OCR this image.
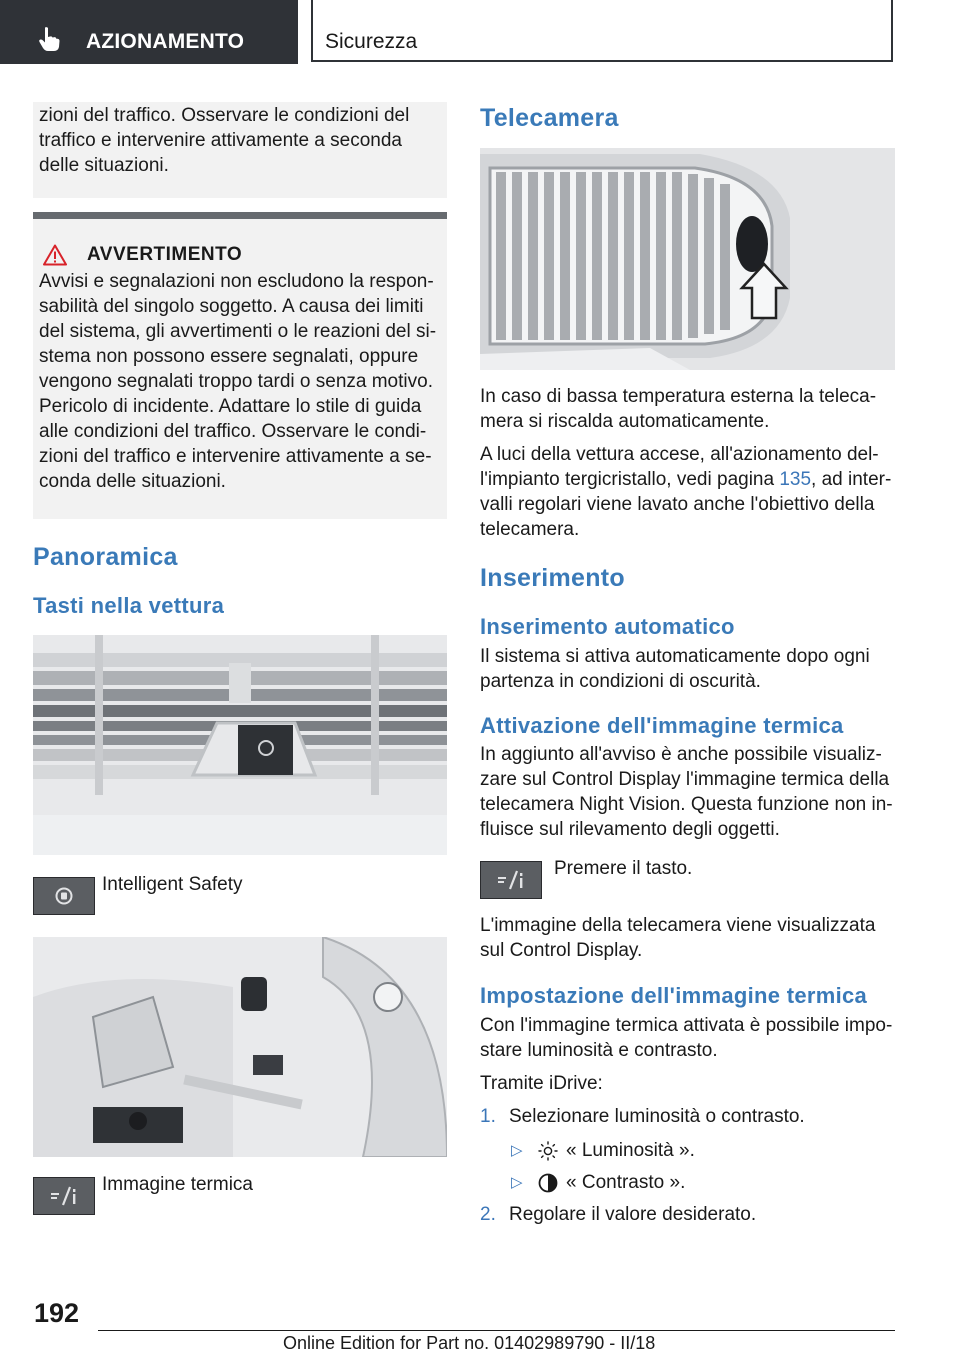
AZIONAMENTO	Sicurezza

zioni del traffico. Osservare le condizioni del traffico e intervenire attivamente a seconda delle situazioni.

AVVERTIMENTO

Avvisi e segnalazioni non escludono la respon- sabilità del singolo soggetto. A causa dei limiti del sistema, gli avvertimenti o le reazioni del si- stema non possono essere segnalati, oppure vengono segnalati troppo tardi o senza motivo. Pericolo di incidente. Adattare lo stile di guida alle condizioni del traffico. Osservare le condi- zioni del traffico e intervenire attivamente a se- conda delle situazioni.

Panoramica
Tasti nella vettura
Intelligent Safety
Immagine termica
Telecamera

In caso di bassa temperatura esterna la teleca- mera si riscalda automaticamente.

A luci della vettura accese, all'azionamento del- l'impianto tergicristallo, vedi pagina 135, ad inter- valli regolari viene lavato anche l'obiettivo della telecamera.

Inserimento
Inserimento automatico

Il sistema si attiva automaticamente dopo ogni partenza in condizioni di oscurità.

Attivazione dell'immagine termica

In aggiunto all'avviso è anche possibile visualiz- zare sul Control Display l'immagine termica della telecamera Night Vision. Questa funzione non in- fluisce sul rilevamento degli oggetti.

Premere il tasto.

L'immagine della telecamera viene visualizzata sul Control Display.

Impostazione dell'immagine termica

Con l'immagine termica attivata è possibile impo- stare luminosità e contrasto.

Tramite iDrive:

1. Selezionare luminosità o contrasto.
▷ « Luminosità ».
▷ « Contrasto ».
2. Regolare il valore desiderato.
192
Online Edition for Part no. 01402989790 - II/18
